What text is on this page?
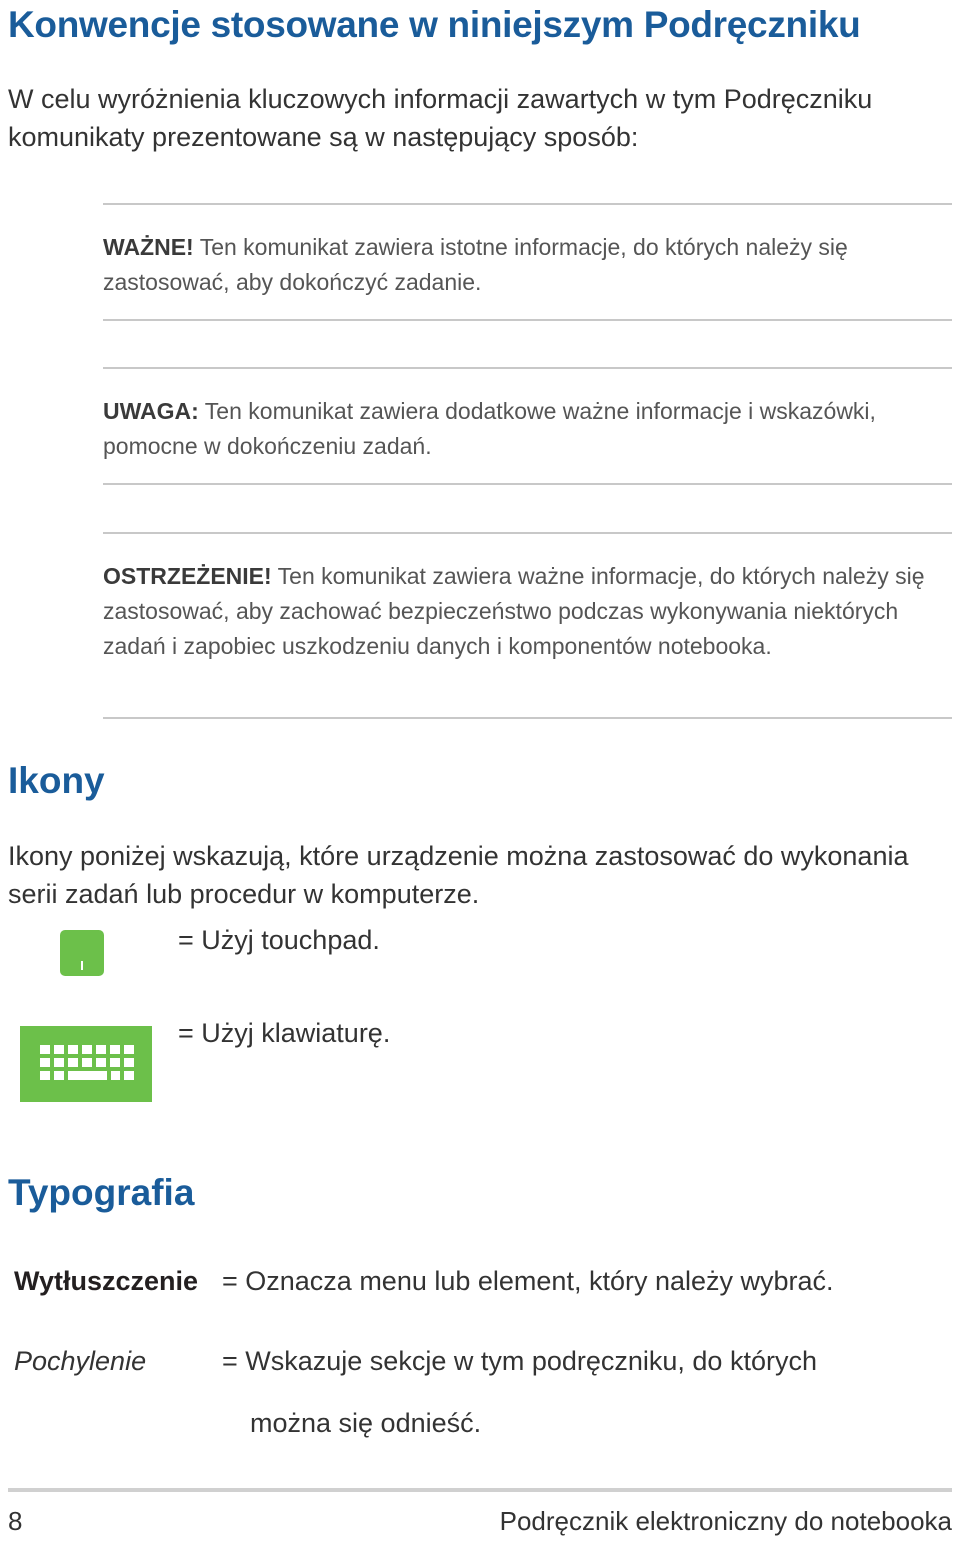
Konwencje stosowane w niniejszym Podręczniku
W celu wyróżnienia kluczowych informacji zawartych w tym Podręczniku komunikaty prezentowane są w następujący sposób:
WAŻNE! Ten komunikat zawiera istotne informacje, do których należy się zastosować, aby dokończyć zadanie.
UWAGA: Ten komunikat zawiera dodatkowe ważne informacje i wskazówki, pomocne w dokończeniu zadań.
OSTRZEŻENIE! Ten komunikat zawiera ważne informacje, do których należy się zastosować, aby zachować bezpieczeństwo podczas wykonywania niektórych zadań i zapobiec uszkodzeniu danych i komponentów notebooka.
Ikony
Ikony poniżej wskazują, które urządzenie można zastosować do wykonania serii zadań lub procedur w komputerze.
= Użyj touchpad.
= Użyj klawiaturę.
Typografia
Wytłuszczenie = Oznacza menu lub element, który należy wybrać.
Pochylenie	= Wskazuje sekcje w tym podręczniku, do których
można się odnieść.
8	Podręcznik elektroniczny do notebooka
